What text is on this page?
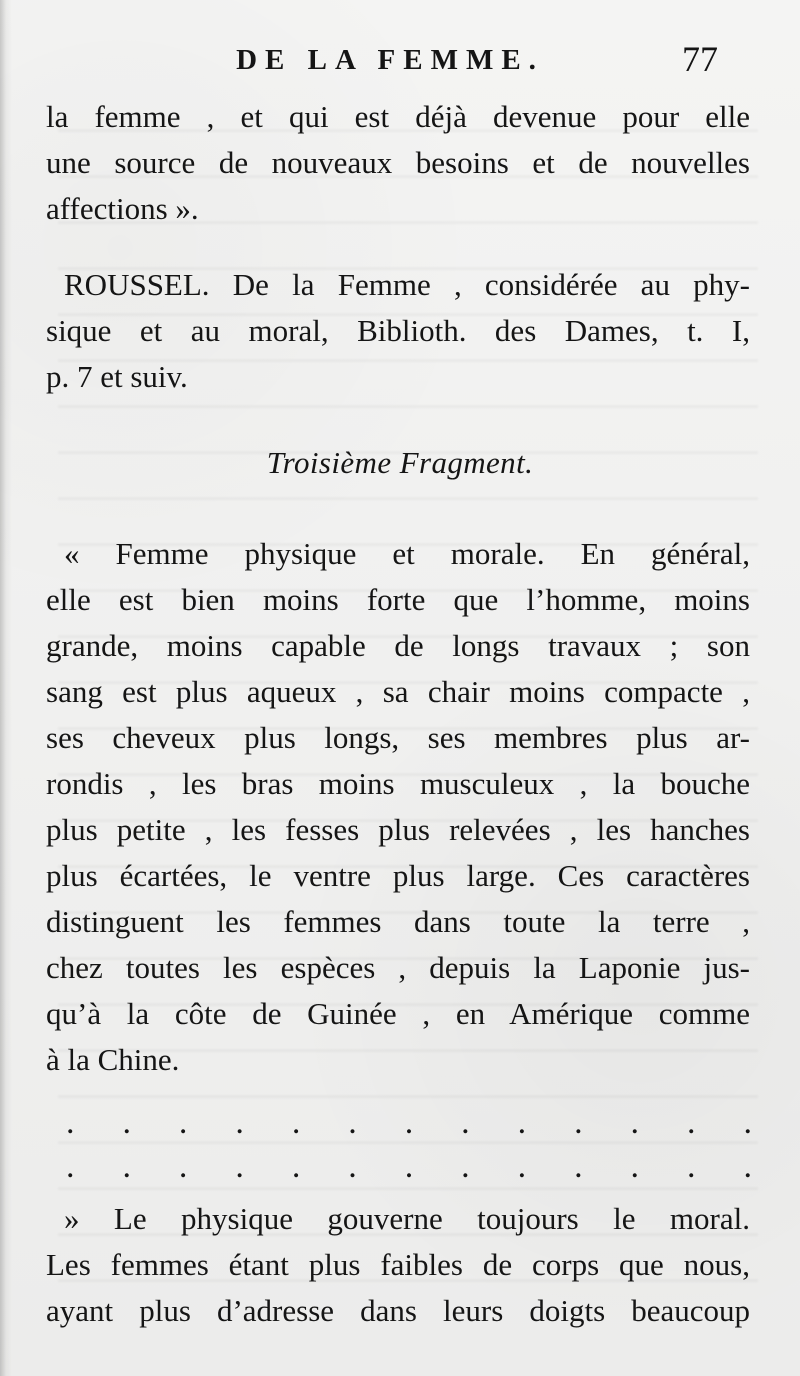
DE LA FEMME.	77
la femme , et qui est déjà devenue pour elle
une source de nouveaux besoins et de nouvelles
affections ».
ROUSSEL. De la Femme , considérée au phy-
sique et au moral, Biblioth. des Dames, t. I,
p. 7 et suiv.
Troisième Fragment.
« Femme physique et morale. En général,
elle est bien moins forte que l’homme, moins
grande, moins capable de longs travaux ; son
sang est plus aqueux , sa chair moins compacte ,
ses cheveux plus longs, ses membres plus ar-
rondis , les bras moins musculeux , la bouche
plus petite , les fesses plus relevées , les hanches
plus écartées, le ventre plus large. Ces caractères
distinguent les femmes dans toute la terre ,
chez toutes les espèces , depuis la Laponie jus-
qu’à la côte de Guinée , en Amérique comme
à la Chine.
. . . . . . . . . . . . .
. . . . . . . . . . . . .
» Le physique gouverne toujours le moral.
Les femmes étant plus faibles de corps que nous,
ayant plus d’adresse dans leurs doigts beaucoup
